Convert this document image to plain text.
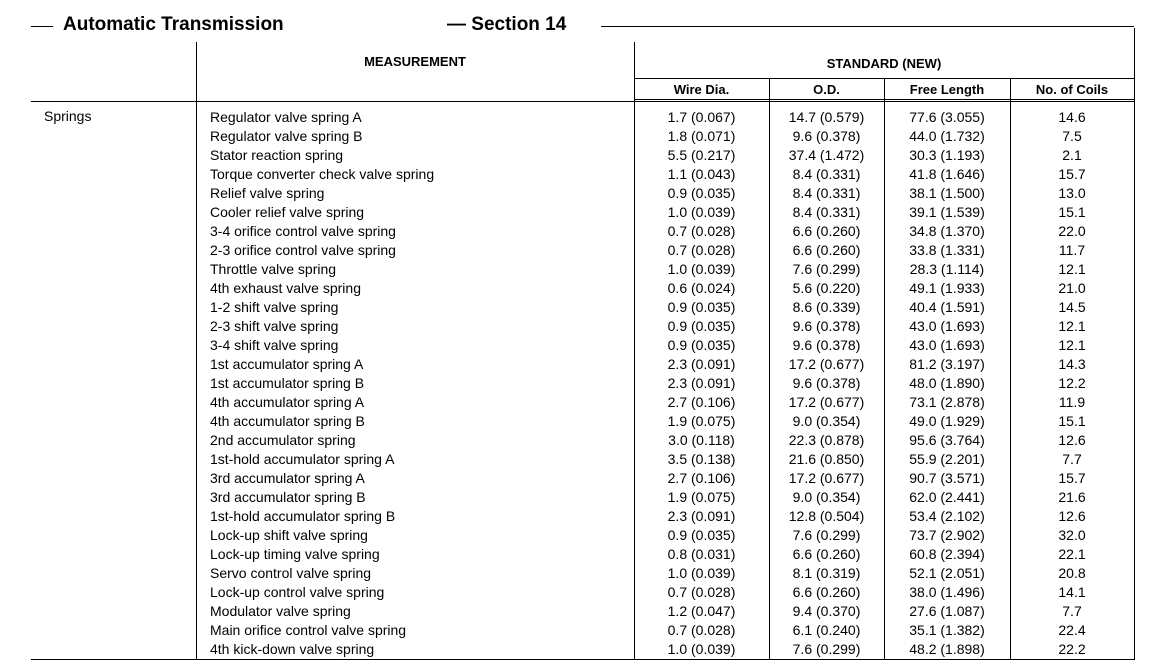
Automatic Transmission	— Section 14
MEASUREMENT	STANDARD (NEW)
Wire Dia.	O.D.	Free Length	No. of Coils
Springs	Regulator valve spring A	1.7 (0.067)	14.7 (0.579)	77.6 (3.055)	14.6
Regulator valve spring B	1.8 (0.071)	9.6 (0.378)	44.0 (1.732)	7.5
Stator reaction spring	5.5 (0.217)	37.4 (1.472)	30.3 (1.193)	2.1
Torque converter check valve spring	1.1 (0.043)	8.4 (0.331)	41.8 (1.646)	15.7
Relief valve spring	0.9 (0.035)	8.4 (0.331)	38.1 (1.500)	13.0
Cooler relief valve spring	1.0 (0.039)	8.4 (0.331)	39.1 (1.539)	15.1
3-4 orifice control valve spring	0.7 (0.028)	6.6 (0.260)	34.8 (1.370)	22.0
2-3 orifice control valve spring	0.7 (0.028)	6.6 (0.260)	33.8 (1.331)	11.7
Throttle valve spring	1.0 (0.039)	7.6 (0.299)	28.3 (1.114)	12.1
4th exhaust valve spring	0.6 (0.024)	5.6 (0.220)	49.1 (1.933)	21.0
1-2 shift valve spring	0.9 (0.035)	8.6 (0.339)	40.4 (1.591)	14.5
2-3 shift valve spring	0.9 (0.035)	9.6 (0.378)	43.0 (1.693)	12.1
3-4 shift valve spring	0.9 (0.035)	9.6 (0.378)	43.0 (1.693)	12.1
1st accumulator spring A	2.3 (0.091)	17.2 (0.677)	81.2 (3.197)	14.3
1st accumulator spring B	2.3 (0.091)	9.6 (0.378)	48.0 (1.890)	12.2
4th accumulator spring A	2.7 (0.106)	17.2 (0.677)	73.1 (2.878)	11.9
4th accumulator spring B	1.9 (0.075)	9.0 (0.354)	49.0 (1.929)	15.1
2nd accumulator spring	3.0 (0.118)	22.3 (0.878)	95.6 (3.764)	12.6
1st-hold accumulator spring A	3.5 (0.138)	21.6 (0.850)	55.9 (2.201)	7.7
3rd accumulator spring A	2.7 (0.106)	17.2 (0.677)	90.7 (3.571)	15.7
3rd accumulator spring B	1.9 (0.075)	9.0 (0.354)	62.0 (2.441)	21.6
1st-hold accumulator spring B	2.3 (0.091)	12.8 (0.504)	53.4 (2.102)	12.6
Lock-up shift valve spring	0.9 (0.035)	7.6 (0.299)	73.7 (2.902)	32.0
Lock-up timing valve spring	0.8 (0.031)	6.6 (0.260)	60.8 (2.394)	22.1
Servo control valve spring	1.0 (0.039)	8.1 (0.319)	52.1 (2.051)	20.8
Lock-up control valve spring	0.7 (0.028)	6.6 (0.260)	38.0 (1.496)	14.1
Modulator valve spring	1.2 (0.047)	9.4 (0.370)	27.6 (1.087)	7.7
Main orifice control valve spring	0.7 (0.028)	6.1 (0.240)	35.1 (1.382)	22.4
4th kick-down valve spring	1.0 (0.039)	7.6 (0.299)	48.2 (1.898)	22.2
